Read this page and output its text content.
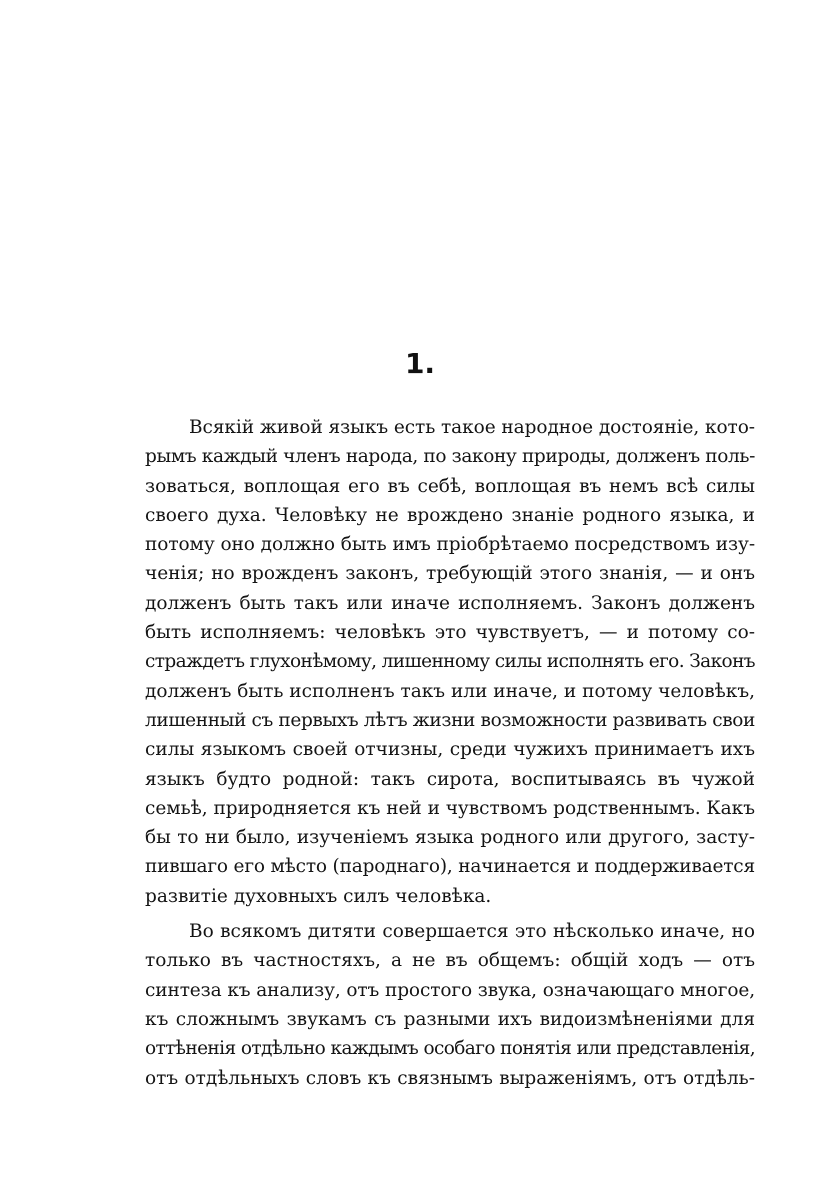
1.
Всякій живой языкъ есть такое народное достояніе, кото-
рымъ каждый членъ народа, по закону природы, долженъ поль-
зоваться, воплощая его въ себѣ, воплощая въ немъ всѣ силы
своего духа. Человѣку не врождено знаніе родного языка, и
потому оно должно быть имъ пріобрѣтаемо посредствомъ изу-
ченія; но врожденъ законъ, требующій этого знанія, — и онъ
долженъ быть такъ или иначе исполняемъ. Законъ долженъ
быть исполняемъ: человѣкъ это чувствуетъ, — и потому со-
страждетъ глухонѣмому, лишенному силы исполнять его. Законъ
долженъ быть исполненъ такъ или иначе, и потому человѣкъ,
лишенный съ первыхъ лѣтъ жизни возможности развивать свои
силы языкомъ своей отчизны, среди чужихъ принимаетъ ихъ
языкъ будто родной: такъ сирота, воспитываясь въ чужой
семьѣ, природняется къ ней и чувствомъ родственнымъ. Какъ
бы то ни было, изученіемъ языка родного или другого, засту-
пившаго его мѣсто (пароднаго), начинается и поддерживается
развитіе духовныхъ силъ человѣка.
Во всякомъ дитяти совершается это нѣсколько иначе, но
только въ частностяхъ, а не въ общемъ: общій ходъ — отъ
синтеза къ анализу, отъ простого звука, означающаго многое,
къ сложнымъ звукамъ съ разными ихъ видоизмѣненіями для
оттѣненія отдѣльно каждымъ особаго понятія или представленія,
отъ отдѣльныхъ словъ къ связнымъ выраженіямъ, отъ отдѣль-
